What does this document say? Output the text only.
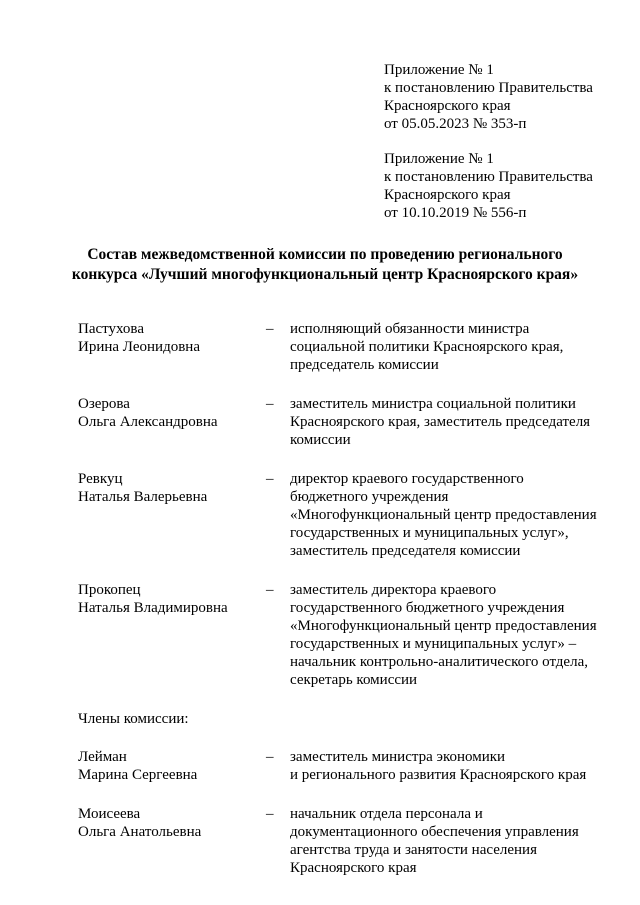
Приложение № 1
к постановлению Правительства
Красноярского края
от 05.05.2023 № 353-п
Приложение № 1
к постановлению Правительства
Красноярского края
от 10.10.2019 № 556-п
Состав межведомственной комиссии по проведению регионального
конкурса «Лучший многофункциональный центр Красноярского края»
Пастухова
Ирина Леонидовна
– исполняющий обязанности министра
социальной политики Красноярского края,
председатель комиссии
Озерова
Ольга Александровна
– заместитель министра социальной политики
Красноярского края, заместитель председателя
комиссии
Ревкуц
Наталья Валерьевна
– директор краевого государственного
бюджетного учреждения
«Многофункциональный центр предоставления
государственных и муниципальных услуг»,
заместитель председателя комиссии
Прокопец
Наталья Владимировна
– заместитель директора краевого
государственного бюджетного учреждения
«Многофункциональный центр предоставления
государственных и муниципальных услуг» –
начальник контрольно-аналитического отдела,
секретарь комиссии
Члены комиссии:
Лейман
Марина Сергеевна
– заместитель министра экономики
и регионального развития Красноярского края
Моисеева
Ольга Анатольевна
– начальник отдела персонала и
документационного обеспечения управления
агентства труда и занятости населения
Красноярского края
